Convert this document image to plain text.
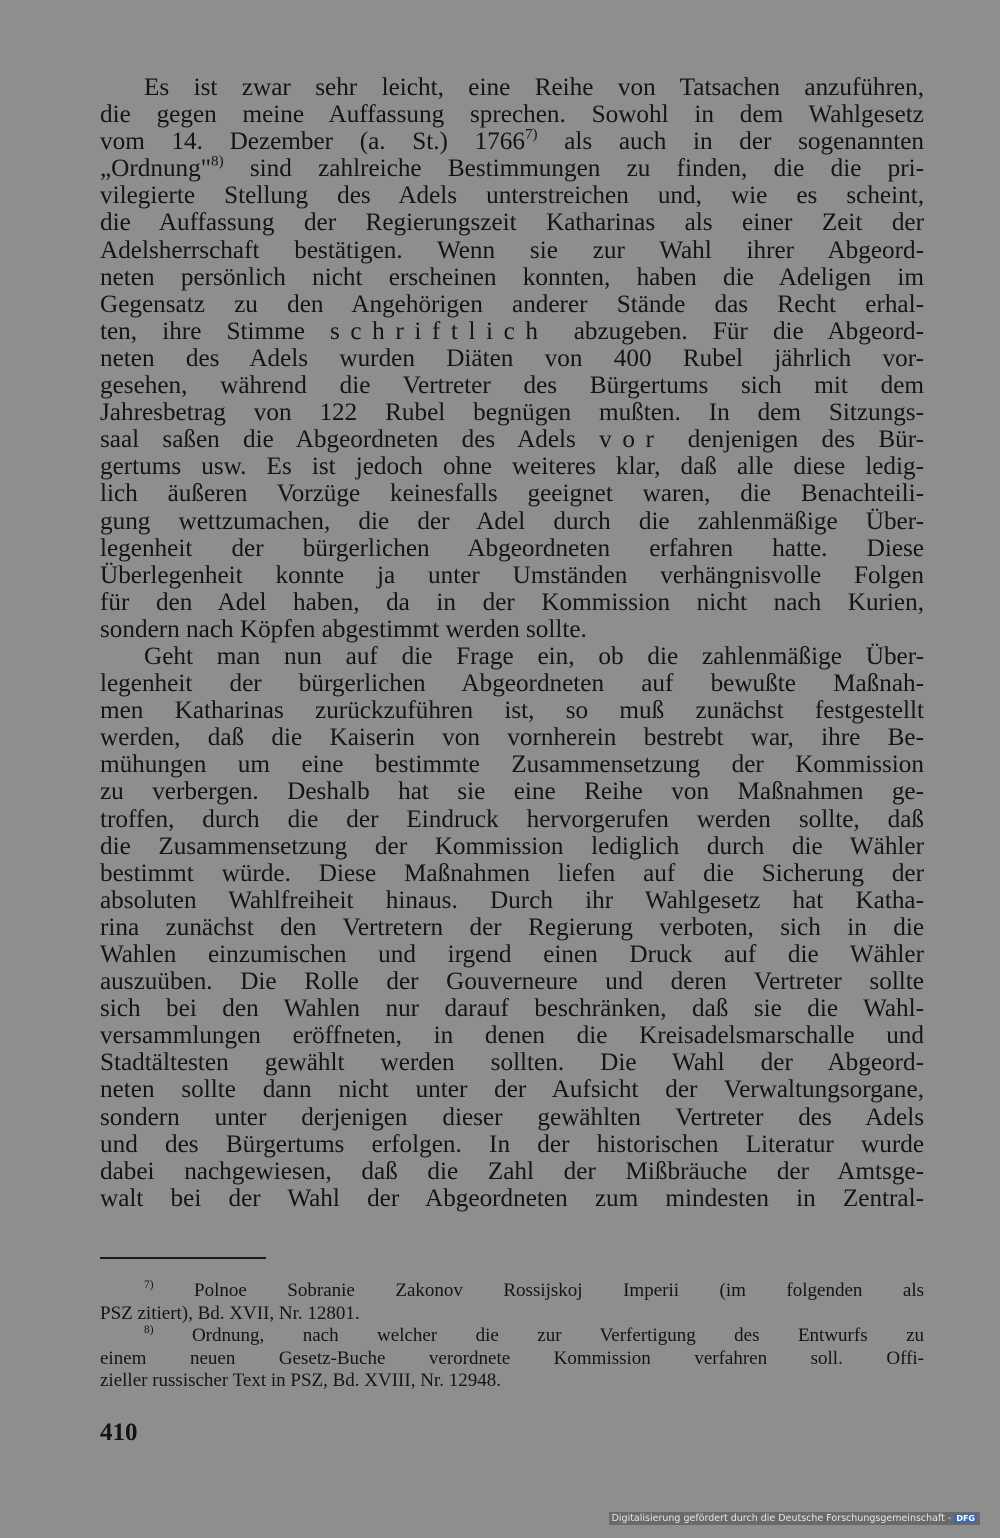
Es ist zwar sehr leicht, eine Reihe von Tatsachen anzuführen,
die gegen meine Auffassung sprechen. Sowohl in dem Wahlgesetz
vom 14. Dezember (a. St.) 1766$^{7)}$ als auch in der sogenannten
„Ordnung"$^{8)}$ sind zahlreiche Bestimmungen zu finden, die die pri-
vilegierte Stellung des Adels unterstreichen und, wie es scheint,
die Auffassung der Regierungszeit Katharinas als einer Zeit der
Adelsherrschaft bestätigen. Wenn sie zur Wahl ihrer Abgeord-
neten persönlich nicht erscheinen konnten, haben die Adeligen im
Gegensatz zu den Angehörigen anderer Stände das Recht erhal-
ten, ihre Stimme schriftlich abzugeben. Für die Abgeord-
neten des Adels wurden Diäten von 400 Rubel jährlich vor-
gesehen, während die Vertreter des Bürgertums sich mit dem
Jahresbetrag von 122 Rubel begnügen mußten. In dem Sitzungs-
saal saßen die Abgeordneten des Adels vor denjenigen des Bür-
gertums usw. Es ist jedoch ohne weiteres klar, daß alle diese ledig-
lich äußeren Vorzüge keinesfalls geeignet waren, die Benachteili-
gung wettzumachen, die der Adel durch die zahlenmäßige Über-
legenheit der bürgerlichen Abgeordneten erfahren hatte. Diese
Überlegenheit konnte ja unter Umständen verhängnisvolle Folgen
für den Adel haben, da in der Kommission nicht nach Kurien,
sondern nach Köpfen abgestimmt werden sollte.

Geht man nun auf die Frage ein, ob die zahlenmäßige Über-
legenheit der bürgerlichen Abgeordneten auf bewußte Maßnah-
men Katharinas zurückzuführen ist, so muß zunächst festgestellt
werden, daß die Kaiserin von vornherein bestrebt war, ihre Be-
mühungen um eine bestimmte Zusammensetzung der Kommission
zu verbergen. Deshalb hat sie eine Reihe von Maßnahmen ge-
troffen, durch die der Eindruck hervorgerufen werden sollte, daß
die Zusammensetzung der Kommission lediglich durch die Wähler
bestimmt würde. Diese Maßnahmen liefen auf die Sicherung der
absoluten Wahlfreiheit hinaus. Durch ihr Wahlgesetz hat Katha-
rina zunächst den Vertretern der Regierung verboten, sich in die
Wahlen einzumischen und irgend einen Druck auf die Wähler
auszuüben. Die Rolle der Gouverneure und deren Vertreter sollte
sich bei den Wahlen nur darauf beschränken, daß sie die Wahl-
versammlungen eröffneten, in denen die Kreisadelsmarschalle und
Stadtältesten gewählt werden sollten. Die Wahl der Abgeord-
neten sollte dann nicht unter der Aufsicht der Verwaltungsorgane,
sondern unter derjenigen dieser gewählten Vertreter des Adels
und des Bürgertums erfolgen. In der historischen Literatur wurde
dabei nachgewiesen, daß die Zahl der Mißbräuche der Amtsge-
walt bei der Wahl der Abgeordneten zum mindesten in Zentral-

$^{7)}$ Polnoe Sobranie Zakonov Rossijskoj Imperii (im folgenden als
PSZ zitiert), Bd. XVII, Nr. 12801.
$^{8)}$ Ordnung, nach welcher die zur Verfertigung des Entwurfs zu
einem neuen Gesetz-Buche verordnete Kommission verfahren soll. Offi-
zieller russischer Text in PSZ, Bd. XVIII, Nr. 12948.
410
Digitalisierung gefördert durch die Deutsche Forschungsgemeinschaft - DFG
